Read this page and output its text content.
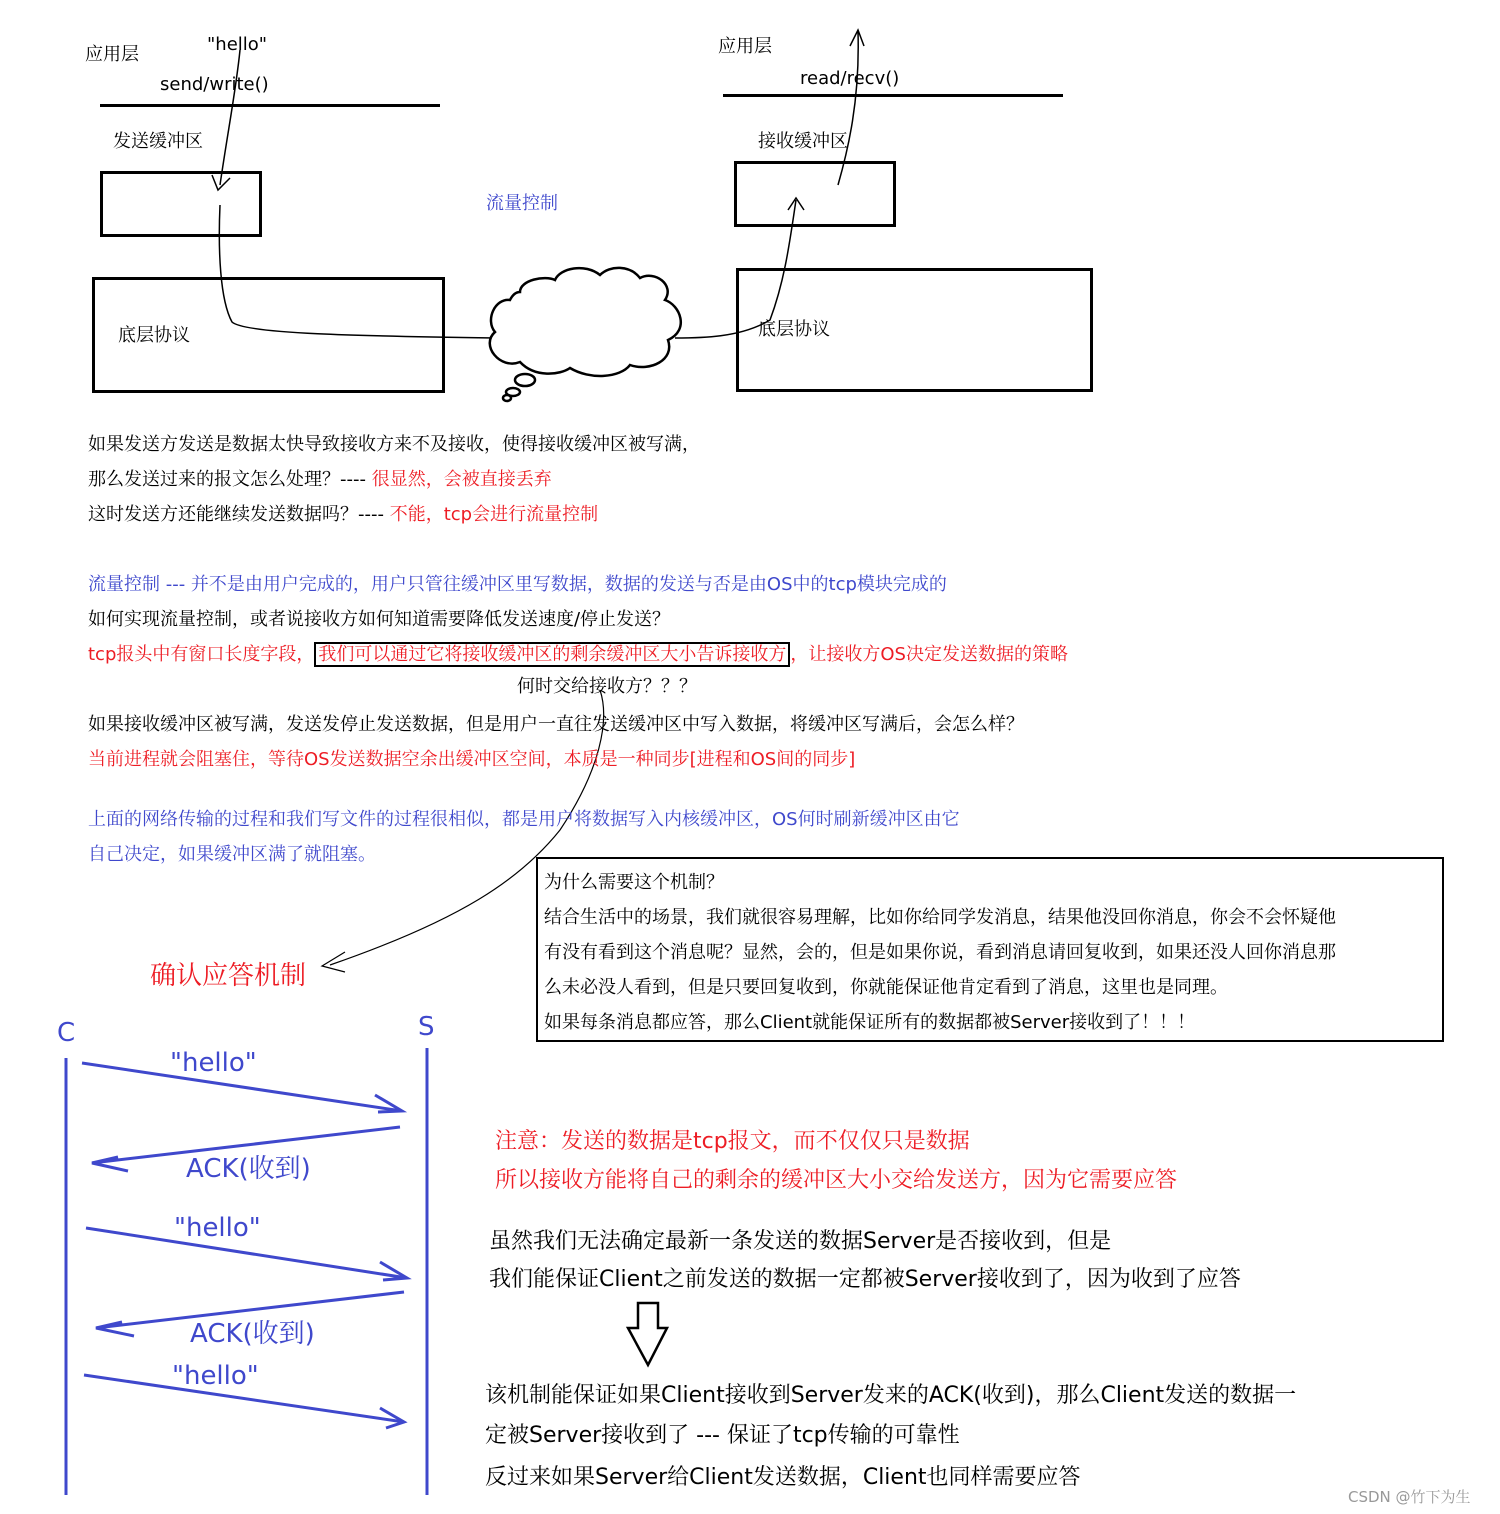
应用层	"hello"
send/write()
发送缓冲区
底层协议
应用层
read/recv()
接收缓冲区
底层协议
流量控制
如果发送方发送是数据太快导致接收方来不及接收，使得接收缓冲区被写满，
那么发送过来的报文怎么处理？---- 很显然，会被直接丢弃
这时发送方还能继续发送数据吗？---- 不能，tcp会进行流量控制
流量控制 --- 并不是由用户完成的，用户只管往缓冲区里写数据，数据的发送与否是由OS中的tcp模块完成的
如何实现流量控制，或者说接收方如何知道需要降低发送速度/停止发送？
tcp报头中有窗口长度字段， 我们可以通过它将接收缓冲区的剩余缓冲区大小告诉接收方 ，让接收方OS决定发送数据的策略
何时交给接收方？？？
如果接收缓冲区被写满，发送发停止发送数据，但是用户一直往发送缓冲区中写入数据，将缓冲区写满后，会怎么样？
当前进程就会阻塞住，等待OS发送数据空余出缓冲区空间，本质是一种同步[进程和OS间的同步]
上面的网络传输的过程和我们写文件的过程很相似，都是用户将数据写入内核缓冲区，OS何时刷新缓冲区由它
自己决定，如果缓冲区满了就阻塞。
为什么需要这个机制？
结合生活中的场景，我们就很容易理解，比如你给同学发消息，结果他没回你消息，你会不会怀疑他
有没有看到这个消息呢？显然，会的，但是如果你说，看到消息请回复收到，如果还没人回你消息那
么未必没人看到，但是只要回复收到，你就能保证他肯定看到了消息，这里也是同理。
如果每条消息都应答，那么Client就能保证所有的数据都被Server接收到了！！！
确认应答机制
C	S
"hello"
ACK(收到)
"hello"
ACK(收到)
"hello"
注意：发送的数据是tcp报文，而不仅仅只是数据
所以接收方能将自己的剩余的缓冲区大小交给发送方，因为它需要应答
虽然我们无法确定最新一条发送的数据Server是否接收到，但是
我们能保证Client之前发送的数据一定都被Server接收到了，因为收到了应答
该机制能保证如果Client接收到Server发来的ACK(收到)，那么Client发送的数据一
定被Server接收到了 --- 保证了tcp传输的可靠性
反过来如果Server给Client发送数据，Client也同样需要应答
CSDN @竹下为生
